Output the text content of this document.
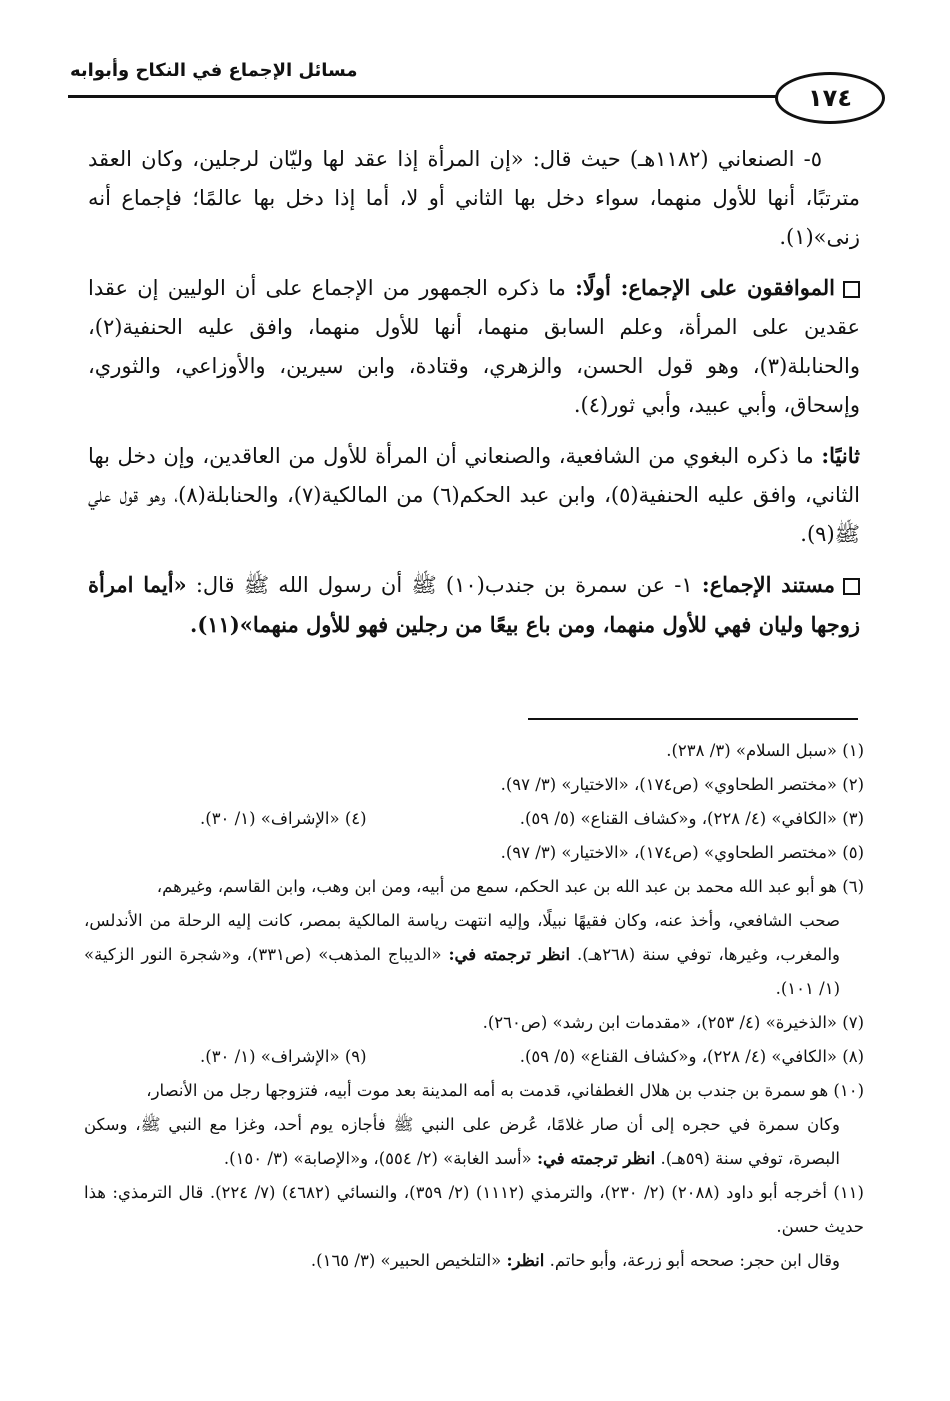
مسائل الإجماع في النكاح وأبوابه
١٧٤

٥- الصنعاني (١١٨٢هـ) حيث قال: «إن المرأة إذا عقد لها وليّان لرجلين، وكان العقد مترتبًا، أنها للأول منهما، سواء دخل بها الثاني أو لا، أما إذا دخل بها عالمًا؛ فإجماع أنه زنى»(١).

الموافقون على الإجماع: أولًا: ما ذكره الجمهور من الإجماع على أن الوليين إن عقدا عقدين على المرأة، وعلم السابق منهما، أنها للأول منهما، وافق عليه الحنفية(٢)، والحنابلة(٣)، وهو قول الحسن، والزهري، وقتادة، وابن سيرين، والأوزاعي، والثوري، وإسحاق، وأبي عبيد، وأبي ثور(٤).

ثانيًا: ما ذكره البغوي من الشافعية، والصنعاني أن المرأة للأول من العاقدين، وإن دخل بها الثاني، وافق عليه الحنفية(٥)، وابن عبد الحكم(٦) من المالكية(٧)، والحنابلة(٨)، وهو قول علي ﷺ(٩).

مستند الإجماع: ١- عن سمرة بن جندب(١٠) ﷺ أن رسول الله ﷺ قال: «أيما امرأة زوجها وليان فهي للأول منهما، ومن باع بيعًا من رجلين فهو للأول منهما»(١١).

(١) «سبل السلام» (٣/ ٢٣٨).

(٢) «مختصر الطحاوي» (ص١٧٤)، «الاختيار» (٣/ ٩٧).

(٣) «الكافي» (٤/ ٢٢٨)، و«كشاف القناع» (٥/ ٥٩).
(٤) «الإشراف» (١/ ٣٠).

(٥) «مختصر الطحاوي» (ص١٧٤)، «الاختيار» (٣/ ٩٧).

(٦) هو أبو عبد الله محمد بن عبد الله بن عبد الحكم، سمع من أبيه، ومن ابن وهب، وابن القاسم، وغيرهم،
صحب الشافعي، وأخذ عنه، وكان فقيهًا نبيلًا، وإليه انتهت رياسة المالكية بمصر، كانت إليه الرحلة من الأندلس، والمغرب، وغيرها، توفي سنة (٢٦٨هـ). انظر ترجمته في: «الديباج المذهب» (ص٣٣١)، و«شجرة النور الزكية» (١/ ١٠١).

(٧) «الذخيرة» (٤/ ٢٥٣)، «مقدمات ابن رشد» (ص٢٦٠).

(٨) «الكافي» (٤/ ٢٢٨)، و«كشاف القناع» (٥/ ٥٩).
(٩) «الإشراف» (١/ ٣٠).

(١٠) هو سمرة بن جندب بن هلال الغطفاني، قدمت به أمه المدينة بعد موت أبيه، فتزوجها رجل من الأنصار،
وكان سمرة في حجره إلى أن صار غلامًا، عُرض على النبي ﷺ فأجازه يوم أحد، وغزا مع النبي ﷺ، وسكن البصرة، توفي سنة (٥٩هـ). انظر ترجمته في: «أسد الغابة» (٢/ ٥٥٤)، و«الإصابة» (٣/ ١٥٠).

(١١) أخرجه أبو داود (٢٠٨٨) (٢/ ٢٣٠)، والترمذي (١١١٢) (٢/ ٣٥٩)، والنسائي (٤٦٨٢) (٧/ ٢٢٤). قال الترمذي: هذا حديث حسن.

وقال ابن حجر: صححه أبو زرعة، وأبو حاتم. انظر: «التلخيص الحبير» (٣/ ١٦٥).
